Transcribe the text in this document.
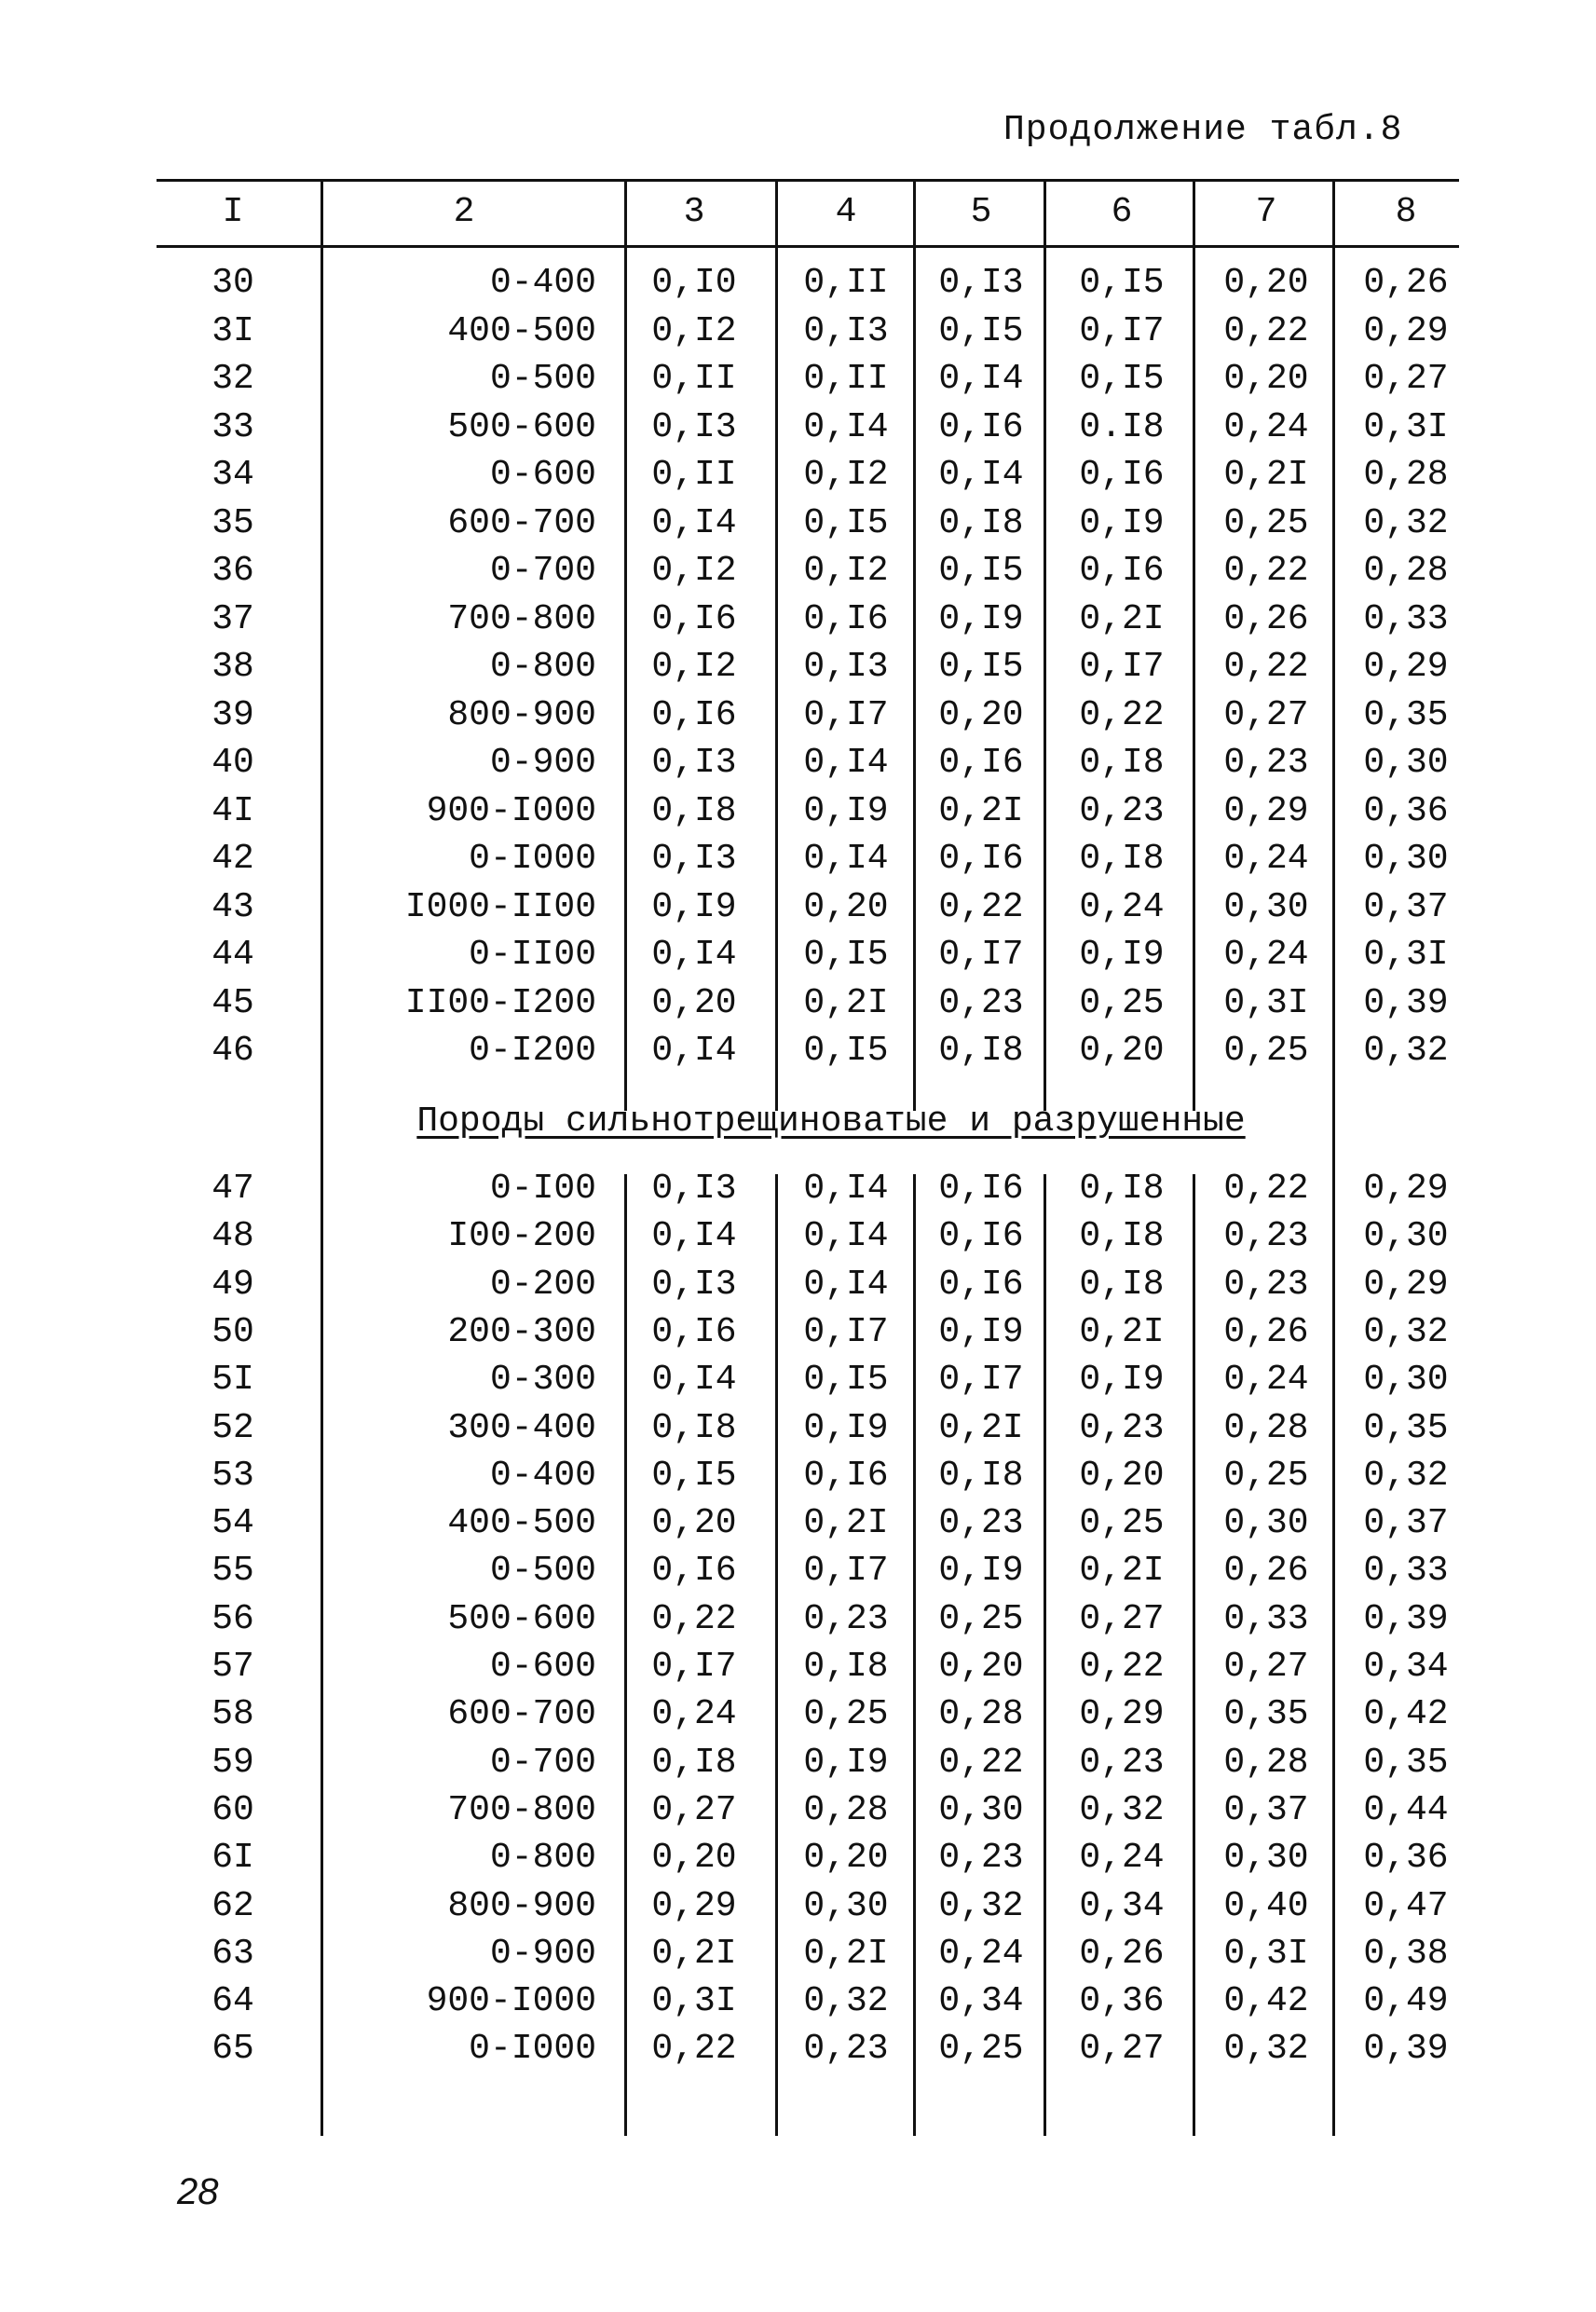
Продолжение табл.8
I	2	3	4	5	6	7	8
30	0-400	0,I0	0,II	0,I3	0,I5	0,20	0,26
3I	400-500	0,I2	0,I3	0,I5	0,I7	0,22	0,29
32	0-500	0,II	0,II	0,I4	0,I5	0,20	0,27
33	500-600	0,I3	0,I4	0,I6	0.I8	0,24	0,3I
34	0-600	0,II	0,I2	0,I4	0,I6	0,2I	0,28
35	600-700	0,I4	0,I5	0,I8	0,I9	0,25	0,32
36	0-700	0,I2	0,I2	0,I5	0,I6	0,22	0,28
37	700-800	0,I6	0,I6	0,I9	0,2I	0,26	0,33
38	0-800	0,I2	0,I3	0,I5	0,I7	0,22	0,29
39	800-900	0,I6	0,I7	0,20	0,22	0,27	0,35
40	0-900	0,I3	0,I4	0,I6	0,I8	0,23	0,30
4I	900-I000	0,I8	0,I9	0,2I	0,23	0,29	0,36
42	0-I000	0,I3	0,I4	0,I6	0,I8	0,24	0,30
43	I000-II00	0,I9	0,20	0,22	0,24	0,30	0,37
44	0-II00	0,I4	0,I5	0,I7	0,I9	0,24	0,3I
45	II00-I200	0,20	0,2I	0,23	0,25	0,3I	0,39
46	0-I200	0,I4	0,I5	0,I8	0,20	0,25	0,32
Породы сильнотрещиноватые и разрушенные
47	0-I00	0,I3	0,I4	0,I6	0,I8	0,22	0,29
48	I00-200	0,I4	0,I4	0,I6	0,I8	0,23	0,30
49	0-200	0,I3	0,I4	0,I6	0,I8	0,23	0,29
50	200-300	0,I6	0,I7	0,I9	0,2I	0,26	0,32
5I	0-300	0,I4	0,I5	0,I7	0,I9	0,24	0,30
52	300-400	0,I8	0,I9	0,2I	0,23	0,28	0,35
53	0-400	0,I5	0,I6	0,I8	0,20	0,25	0,32
54	400-500	0,20	0,2I	0,23	0,25	0,30	0,37
55	0-500	0,I6	0,I7	0,I9	0,2I	0,26	0,33
56	500-600	0,22	0,23	0,25	0,27	0,33	0,39
57	0-600	0,I7	0,I8	0,20	0,22	0,27	0,34
58	600-700	0,24	0,25	0,28	0,29	0,35	0,42
59	0-700	0,I8	0,I9	0,22	0,23	0,28	0,35
60	700-800	0,27	0,28	0,30	0,32	0,37	0,44
6I	0-800	0,20	0,20	0,23	0,24	0,30	0,36
62	800-900	0,29	0,30	0,32	0,34	0,40	0,47
63	0-900	0,2I	0,2I	0,24	0,26	0,3I	0,38
64	900-I000	0,3I	0,32	0,34	0,36	0,42	0,49
65	0-I000	0,22	0,23	0,25	0,27	0,32	0,39
28
